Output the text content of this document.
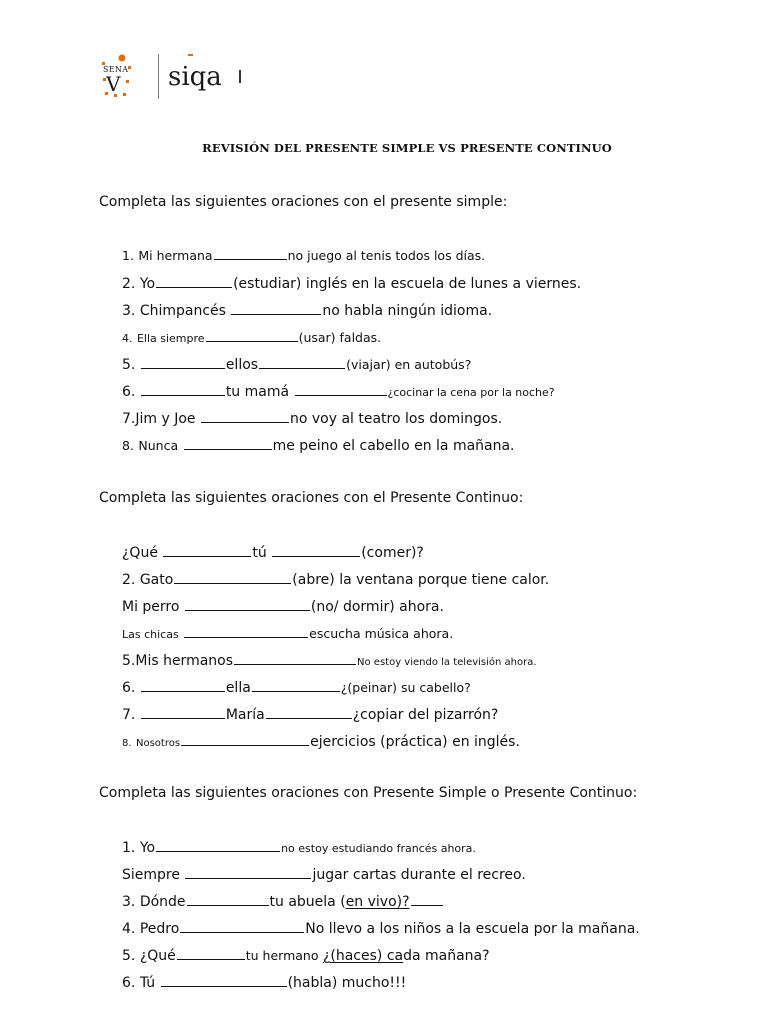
SENA
V siqa
REVISIÓN DEL PRESENTE SIMPLE VS PRESENTE CONTINUO
Completa las siguientes oraciones con el presente simple:
1. Mi hermana	no juego al tenis todos los días.
2. Yo	(estudiar) inglés en la escuela de lunes a viernes.
3. Chimpancés	no habla ningún idioma.
4. Ella siempre	(usar) faldas.
5.	ellos	(viajar) en autobús?
6.	tu mamá	¿cocinar la cena por la noche?
7.Jim y Joe	no voy al teatro los domingos.
8. Nunca	me peino el cabello en la mañana.
Completa las siguientes oraciones con el Presente Continuo:
¿Qué	tú	(comer)?
2. Gato	(abre) la ventana porque tiene calor.
Mi perro	(no/ dormir) ahora.
Las chicas	escucha música ahora.
5.Mis hermanos	No estoy viendo la televisión ahora.
6.	ella	¿(peinar) su cabello?
7.	María	¿copiar del pizarrón?
8. Nosotros	ejercicios (práctica) en inglés.
Completa las siguientes oraciones con Presente Simple o Presente Continuo:
1. Yo	no estoy estudiando francés ahora.
Siempre	jugar cartas durante el recreo.
3. Dónde	tu abuela (en vivo)?
4. Pedro	No llevo a los niños a la escuela por la mañana.
5. ¿Qué	tu hermano ¿(haces) cada mañana?
6. Tú	(habla) mucho!!!
